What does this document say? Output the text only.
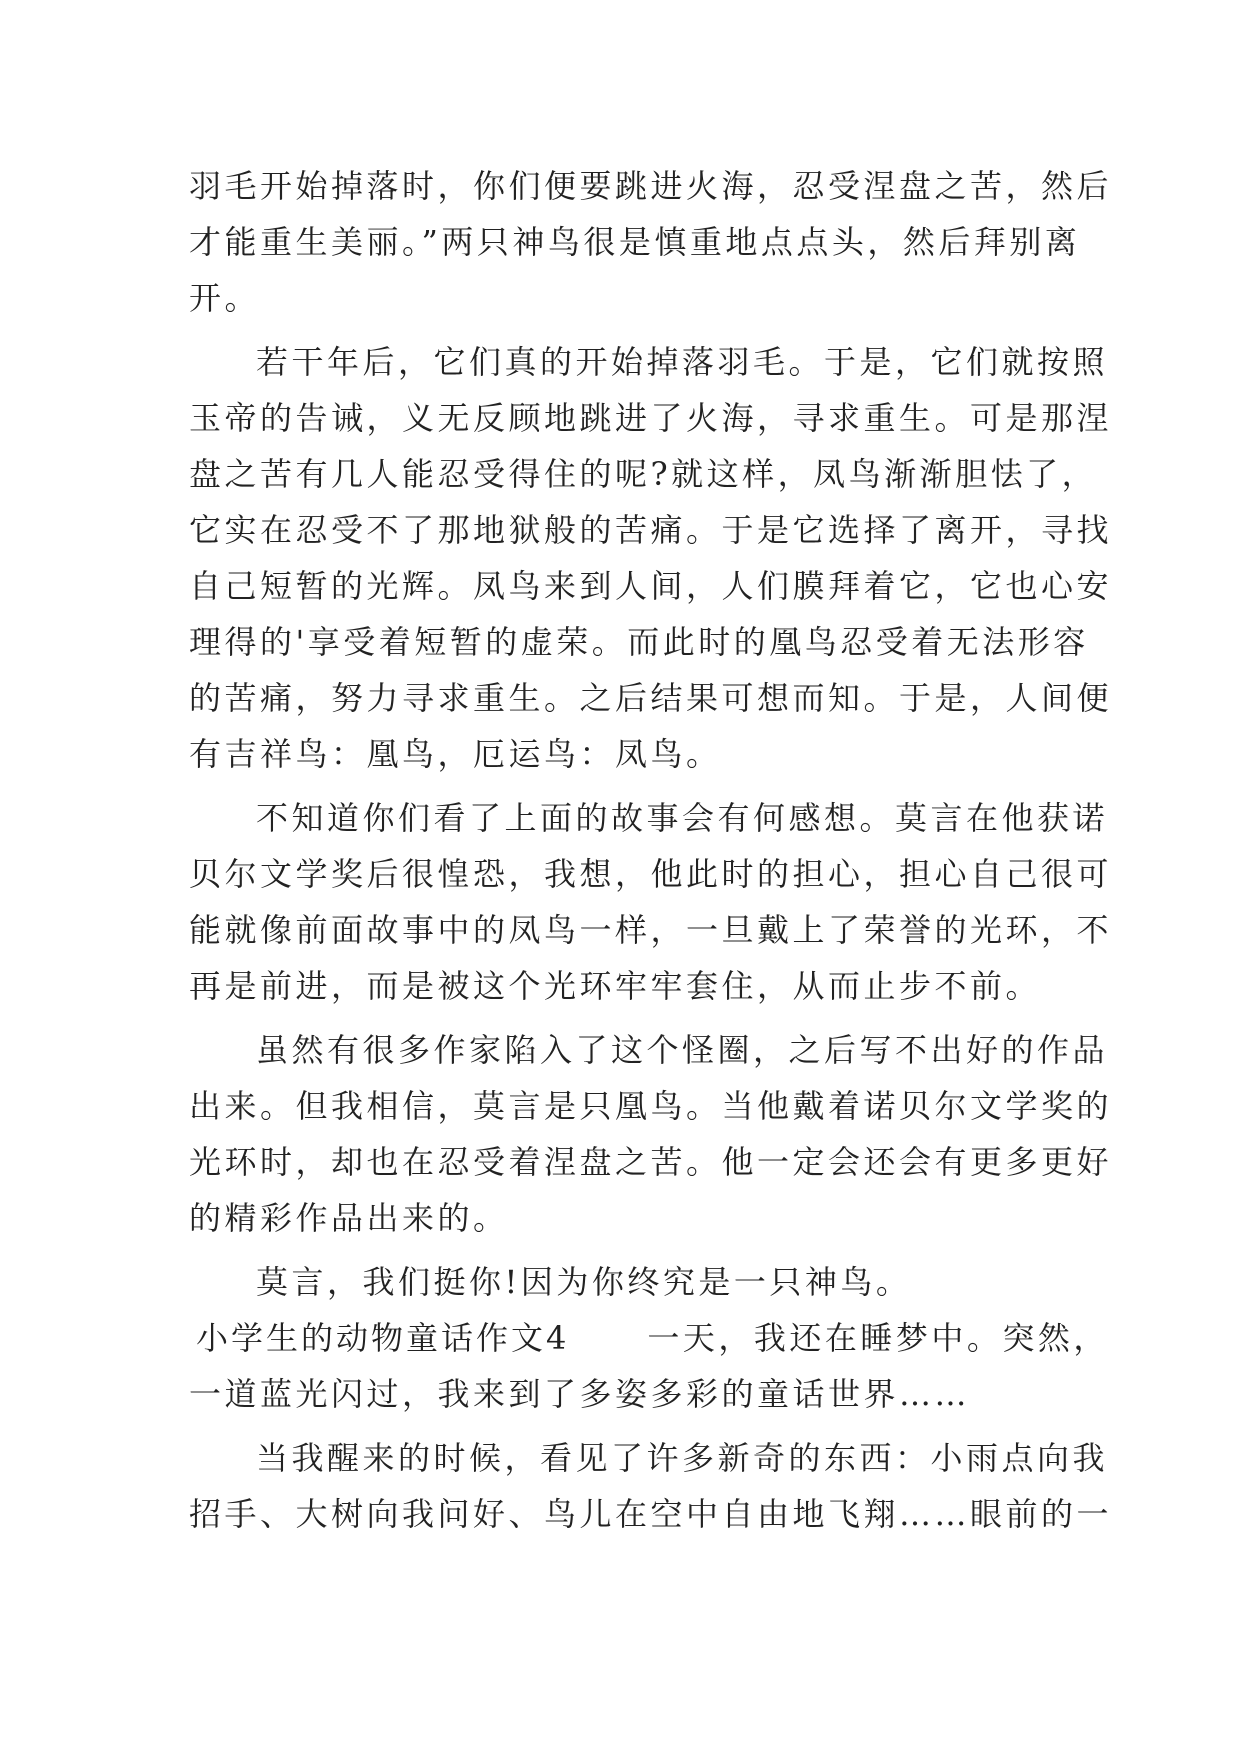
羽毛开始掉落时，你们便要跳进火海，忍受涅盘之苦，然后
才能重生美丽。”两只神鸟很是慎重地点点头，然后拜别离
开。
若干年后，它们真的开始掉落羽毛。于是，它们就按照
玉帝的告诫，义无反顾地跳进了火海，寻求重生。可是那涅
盘之苦有几人能忍受得住的呢?就这样，凤鸟渐渐胆怯了，
它实在忍受不了那地狱般的苦痛。于是它选择了离开，寻找
自己短暂的光辉。凤鸟来到人间，人们膜拜着它，它也心安
理得的'享受着短暂的虚荣。而此时的凰鸟忍受着无法形容
的苦痛，努力寻求重生。之后结果可想而知。于是，人间便
有吉祥鸟：凰鸟，厄运鸟：凤鸟。
不知道你们看了上面的故事会有何感想。莫言在他获诺
贝尔文学奖后很惶恐，我想，他此时的担心，担心自己很可
能就像前面故事中的凤鸟一样，一旦戴上了荣誉的光环，不
再是前进，而是被这个光环牢牢套住，从而止步不前。
虽然有很多作家陷入了这个怪圈，之后写不出好的作品
出来。但我相信，莫言是只凰鸟。当他戴着诺贝尔文学奖的
光环时，却也在忍受着涅盘之苦。他一定会还会有更多更好
的精彩作品出来的。
莫言，我们挺你!因为你终究是一只神鸟。
小学生的动物童话作文4 一天，我还在睡梦中。突然，
一道蓝光闪过，我来到了多姿多彩的童话世界……
当我醒来的时候，看见了许多新奇的东西：小雨点向我
招手、大树向我问好、鸟儿在空中自由地飞翔……眼前的一
